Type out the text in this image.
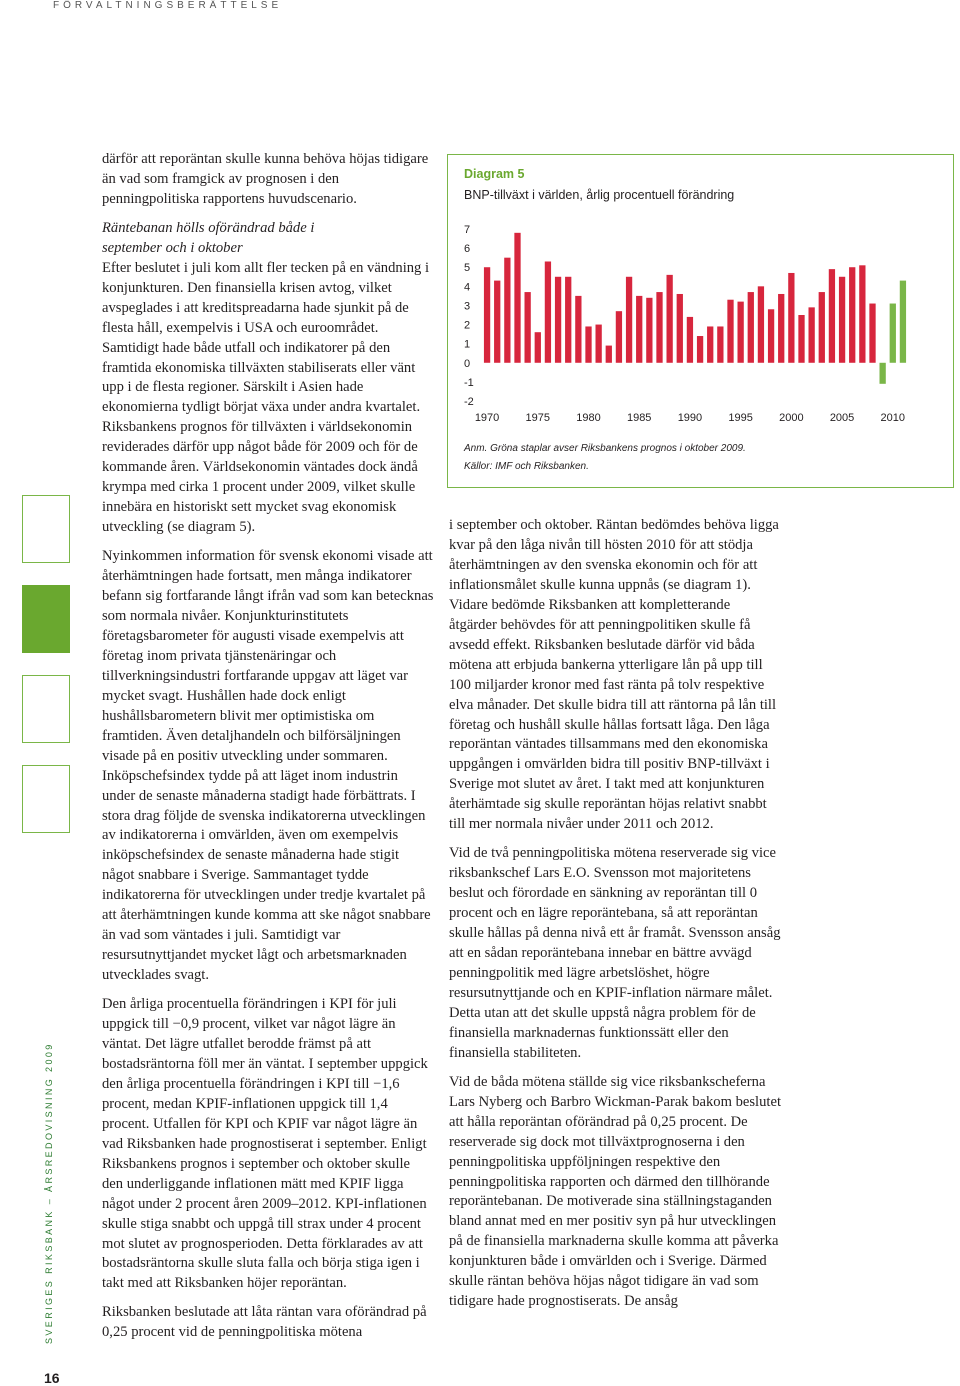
FÖRVALTNINGSBERÄTTELSE
SVERIGES RIKSBANK – ÅRSREDOVISNING 2009
16

därför att reporäntan skulle kunna behöva höjas tidigare än vad som framgick av prognosen i den penningpolitiska rapportens huvudscenario.

Räntebanan hölls oförändrad både i september och i oktober

Efter beslutet i juli kom allt fler tecken på en vändning i konjunkturen. Den finansiella krisen avtog, vilket avspeglades i att kreditspreadarna hade sjunkit på de flesta håll, exempelvis i USA och euroområdet. Samtidigt hade både utfall och indikatorer på den framtida ekonomiska tillväxten stabiliserats eller vänt upp i de flesta regioner. Särskilt i Asien hade ekonomierna tydligt börjat växa under andra kvartalet. Riksbankens prognos för tillväxten i världsekonomin reviderades därför upp något både för 2009 och för de kommande åren. Världsekonomin väntades dock ändå krympa med cirka 1 procent under 2009, vilket skulle innebära en historiskt sett mycket svag ekonomisk utveckling (se diagram 5).

Nyinkommen information för svensk ekonomi visade att återhämtningen hade fortsatt, men många indikatorer befann sig fortfarande långt ifrån vad som kan betecknas som normala nivåer. Konjunkturinstitutets företagsbarometer för augusti visade exempelvis att företag inom privata tjänstenäringar och tillverkningsindustri fortfarande uppgav att läget var mycket svagt. Hushållen hade dock enligt hushållsbarometern blivit mer optimistiska om framtiden. Även detaljhandeln och bilförsäljningen visade på en positiv utveckling under sommaren. Inköpschefsindex tydde på att läget inom industrin under de senaste månaderna stadigt hade förbättrats. I stora drag följde de svenska indikatorerna utvecklingen av indikatorerna i omvärlden, även om exempelvis inköpschefsindex de senaste månaderna hade stigit något snabbare i Sverige. Sammantaget tydde indikatorerna för utvecklingen under tredje kvartalet på att återhämtningen kunde komma att ske något snabbare än vad som väntades i juli. Samtidigt var resursutnyttjandet mycket lågt och arbetsmarknaden utvecklades svagt.

Den årliga procentuella förändringen i KPI för juli uppgick till −0,9 procent, vilket var något lägre än väntat. Det lägre utfallet berodde främst på att bostadsräntorna föll mer än väntat. I september uppgick den årliga procentuella förändringen i KPI till −1,6 procent, medan KPIF-inflationen uppgick till 1,4 procent. Utfallen för KPI och KPIF var något lägre än vad Riksbanken hade prognostiserat i september. Enligt Riksbankens prognos i september och oktober skulle den underliggande inflationen mätt med KPIF ligga något under 2 procent åren 2009–2012. KPI-inflationen skulle stiga snabbt och uppgå till strax under 4 procent mot slutet av prognosperioden. Detta förklarades av att bostadsräntorna skulle sluta falla och börja stiga igen i takt med att Riksbanken höjer reporäntan.

Riksbanken beslutade att låta räntan vara oförändrad på 0,25 procent vid de penningpolitiska mötena

Diagram 5
BNP-tillväxt i världen, årlig procentuell förändring
7
6
5
4
3
2
1
0
-1
-2
1970 1975 1980 1985 1990 1995 2000 2005 2010
Anm. Gröna staplar avser Riksbankens prognos i oktober 2009.
Källor: IMF och Riksbanken.

i september och oktober. Räntan bedömdes behöva ligga kvar på den låga nivån till hösten 2010 för att stödja återhämtningen av den svenska ekonomin och för att inflationsmålet skulle kunna uppnås (se diagram 1). Vidare bedömde Riksbanken att kompletterande åtgärder behövdes för att penningpolitiken skulle få avsedd effekt. Riksbanken beslutade därför vid båda mötena att erbjuda bankerna ytterligare lån på upp till 100 miljarder kronor med fast ränta på tolv respektive elva månader. Det skulle bidra till att räntorna på lån till företag och hushåll skulle hållas fortsatt låga. Den låga reporäntan väntades tillsammans med den ekonomiska uppgången i omvärlden bidra till positiv BNP-tillväxt i Sverige mot slutet av året. I takt med att konjunkturen återhämtade sig skulle reporäntan höjas relativt snabbt till mer normala nivåer under 2011 och 2012.

Vid de två penningpolitiska mötena reserverade sig vice riksbankschef Lars E.O. Svensson mot majoritetens beslut och förordade en sänkning av reporäntan till 0 procent och en lägre reporäntebana, så att reporäntan skulle hållas på denna nivå ett år framåt. Svensson ansåg att en sådan reporäntebana innebar en bättre avvägd penningpolitik med lägre arbetslöshet, högre resursutnyttjande och en KPIF-inflation närmare målet. Detta utan att det skulle uppstå några problem för de finansiella marknadernas funktionssätt eller den finansiella stabiliteten.

Vid de båda mötena ställde sig vice riksbankscheferna Lars Nyberg och Barbro Wickman-Parak bakom beslutet att hålla reporäntan oförändrad på 0,25 procent. De reserverade sig dock mot tillväxtprognoserna i den penningpolitiska uppföljningen respektive den penningpolitiska rapporten och därmed den tillhörande reporäntebanan. De motiverade sina ställningstaganden bland annat med en mer positiv syn på hur utvecklingen på de finansiella marknaderna skulle komma att påverka konjunkturen både i omvärlden och i Sverige. Därmed skulle räntan behöva höjas något tidigare än vad som tidigare hade prognostiserats. De ansåg
